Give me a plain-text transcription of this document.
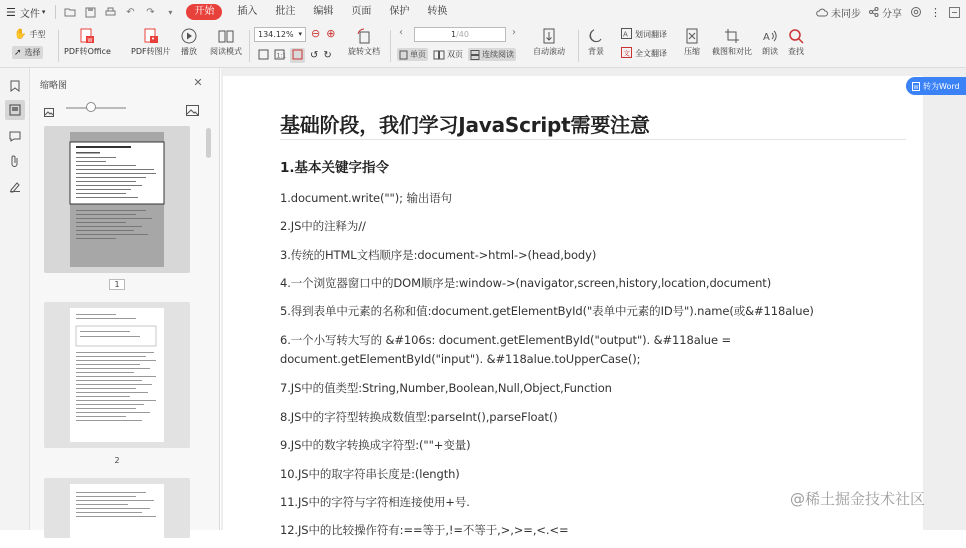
☰ 文件 ▾	↶	↷	▾	开始	插入	批注	编辑	页面	保护	转换	未同步 分享	⋮
✋ 手型
➚ 选择
W
PDF转Office	PDF转图片 播放 阅读模式
134.12% ▾ ⊖ ⊕
1:1 ↺ ↻ 旋转文档
‹	1/40	›
单页	双页 连续阅读 自动滚动	背景
A 划词翻译
文 全文翻译 压缩 截图和对比
A
朗读 查找
缩略图	✕
1
2
基础阶段，我们学习JavaScript需要注意
1.基本关键字指令
1.document.write(""); 输出语句
2.JS中的注释为//
3.传统的HTML文档顺序是:document->html->(head,body)
4.一个浏览器窗口中的DOM顺序是:window->(navigator,screen,history,location,document)
5.得到表单中元素的名称和值:document.getElementById("表单中元素的ID号").name(或&#118alue)
6.一个小写转大写的 &#106s: document.getElementById("output"). &#118alue =
document.getElementById("input"). &#118alue.toUpperCase();
7.JS中的值类型:String,Number,Boolean,Null,Object,Function
8.JS中的字符型转换成数值型:parseInt(),parseFloat()
9.JS中的数字转换成字符型:(""+变量)
10.JS中的取字符串长度是:(length)
11.JS中的字符与字符相连接使用+号.
12.JS中的比较操作符有:==等于,!=不等于,>,>=,<.<=
W 转为Word
@稀土掘金技术社区
